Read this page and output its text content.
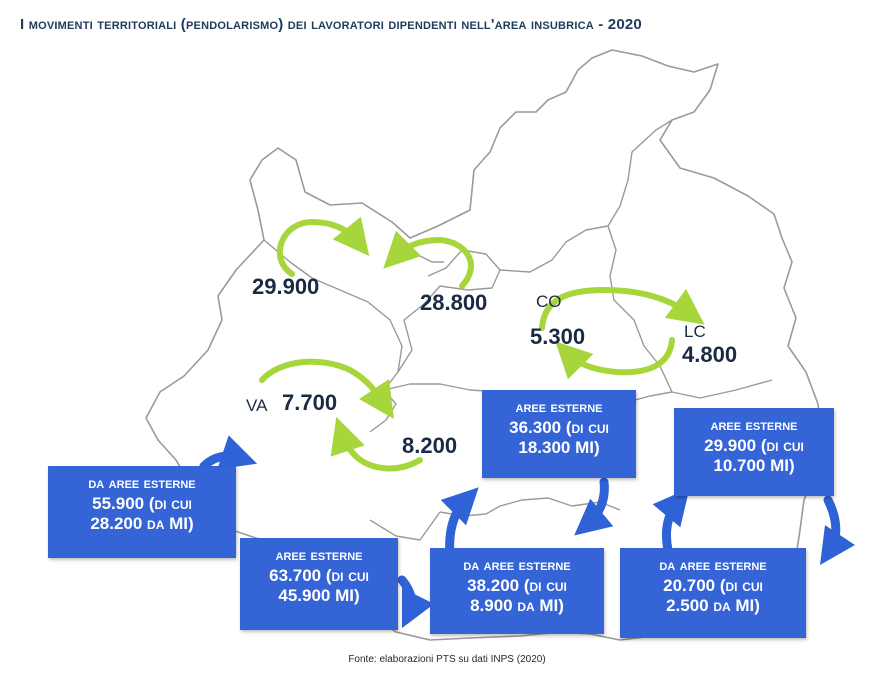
I movimenti territoriali (pendolarismo) dei lavoratori dipendenti nell'area insubrica - 2020
29.900
28.800
5.300
4.800
7.700
8.200
CO
LC
VA
da aree esterne
55.900 (di cui
28.200 da MI)
aree esterne
63.700 (di cui
45.900 MI)
aree esterne
36.300 (di cui
18.300 MI)
da aree esterne
38.200 (di cui
8.900 da MI)
aree esterne
29.900 (di cui
10.700 MI)
da aree esterne
20.700 (di cui
2.500 da MI)
Fonte: elaborazioni PTS su dati INPS (2020)
